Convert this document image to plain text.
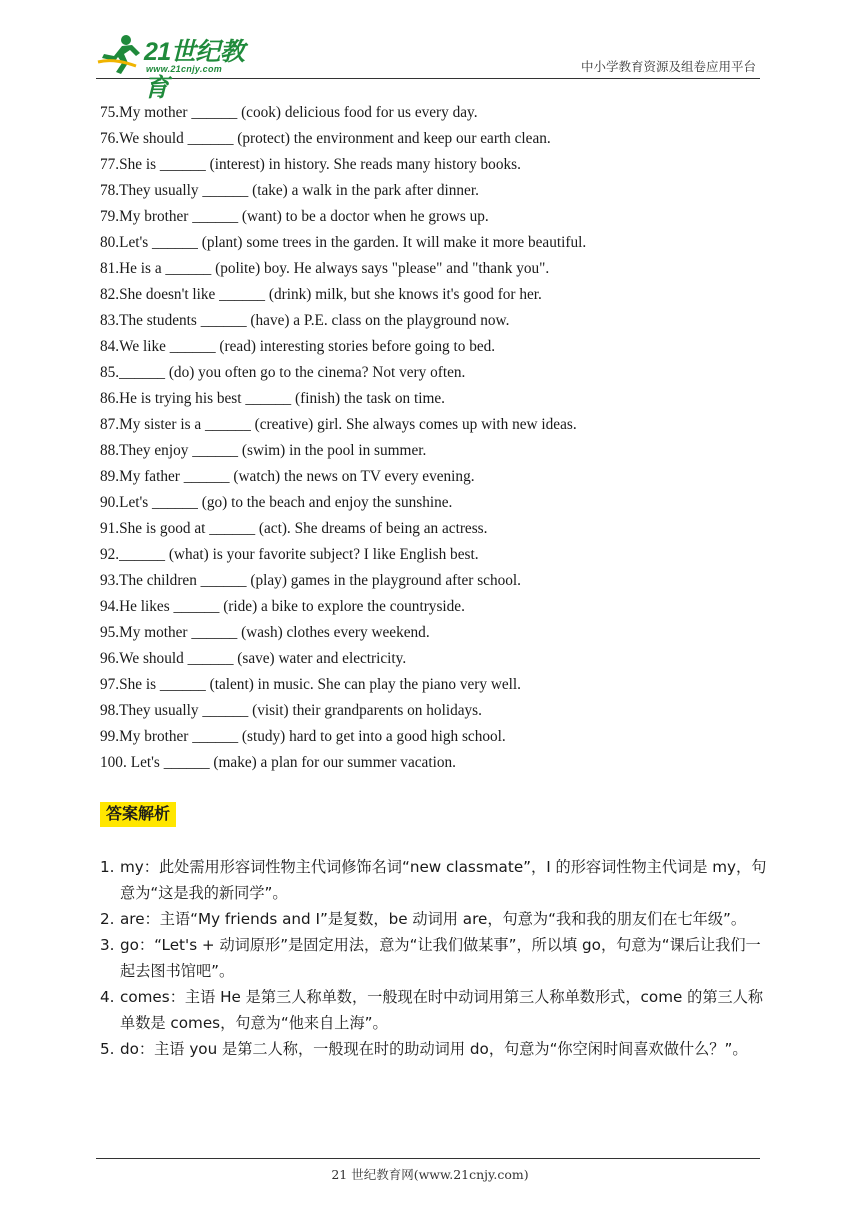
21世纪教育
www.21cnjy.com	中小学教育资源及组卷应用平台
75.My mother ______ (cook) delicious food for us every day.
76.We should ______ (protect) the environment and keep our earth clean.
77.She is ______ (interest) in history. She reads many history books.
78.They usually ______ (take) a walk in the park after dinner.
79.My brother ______ (want) to be a doctor when he grows up.
80.Let's ______ (plant) some trees in the garden. It will make it more beautiful.
81.He is a ______ (polite) boy. He always says "please" and "thank you".
82.She doesn't like ______ (drink) milk, but she knows it's good for her.
83.The students ______ (have) a P.E. class on the playground now.
84.We like ______ (read) interesting stories before going to bed.
85.______ (do) you often go to the cinema? Not very often.
86.He is trying his best ______ (finish) the task on time.
87.My sister is a ______ (creative) girl. She always comes up with new ideas.
88.They enjoy ______ (swim) in the pool in summer.
89.My father ______ (watch) the news on TV every evening.
90.Let's ______ (go) to the beach and enjoy the sunshine.
91.She is good at ______ (act). She dreams of being an actress.
92.______ (what) is your favorite subject? I like English best.
93.The children ______ (play) games in the playground after school.
94.He likes ______ (ride) a bike to explore the countryside.
95.My mother ______ (wash) clothes every weekend.
96.We should ______ (save) water and electricity.
97.She is ______ (talent) in music. She can play the piano very well.
98.They usually ______ (visit) their grandparents on holidays.
99.My brother ______ (study) hard to get into a good high school.
100. Let's ______ (make) a plan for our summer vacation.
答案解析
1. my：此处需用形容词性物主代词修饰名词“new classmate”，I 的形容词性物主代词是 my，句意为“这是我的新同学”。
2. are：主语“My friends and I”是复数，be 动词用 are，句意为“我和我的朋友们在七年级”。
3. go：“Let's + 动词原形”是固定用法，意为“让我们做某事”，所以填 go，句意为“课后让我们一起去图书馆吧”。
4. comes：主语 He 是第三人称单数，一般现在时中动词用第三人称单数形式，come 的第三人称单数是 comes，句意为“他来自上海”。
5. do：主语 you 是第二人称，一般现在时的助动词用 do，句意为“你空闲时间喜欢做什么？”。
21 世纪教育网(www.21cnjy.com)
